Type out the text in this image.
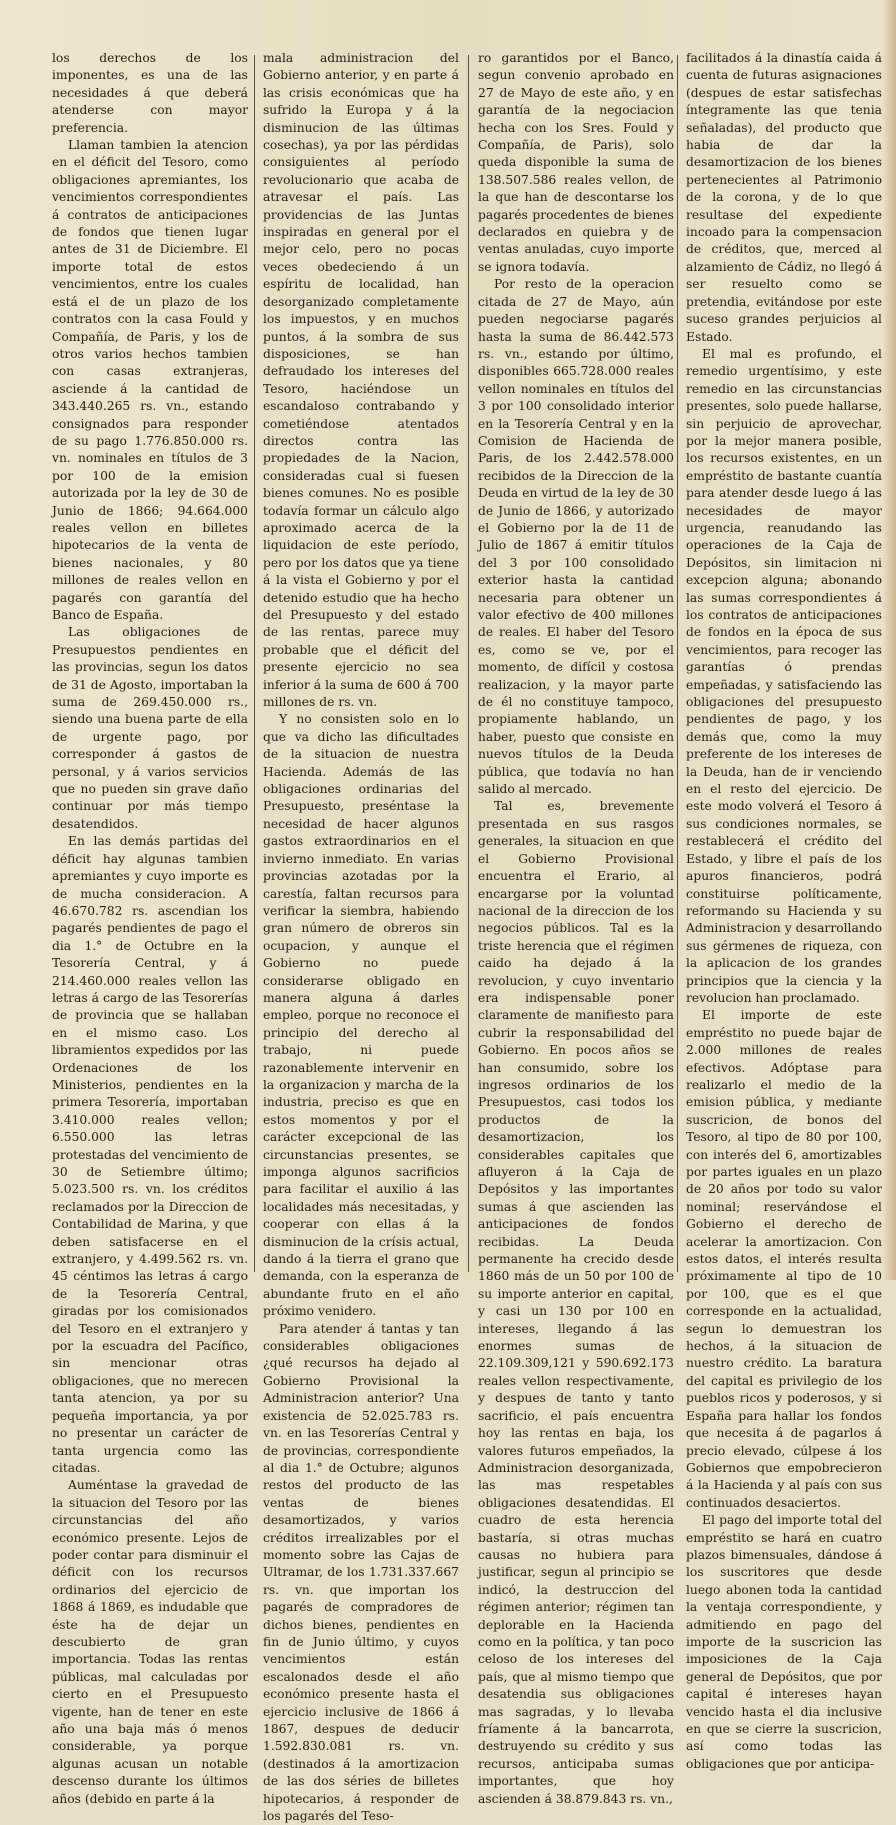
los derechos de los imponentes, es una de las necesidades á que deberá atenderse con mayor preferencia.

Llaman tambien la atencion en el déficit del Tesoro, como obligaciones apremiantes, los vencimientos correspondientes á contratos de anticipaciones de fondos que tienen lugar antes de 31 de Diciembre. El importe total de estos vencimientos, entre los cuales está el de un plazo de los contratos con la casa Fould y Compañía, de Paris, y los de otros varios hechos tambien con casas extranjeras, asciende á la cantidad de 343.440.265 rs. vn., estando consignados para responder de su pago 1.776.850.000 rs. vn. nominales en títulos de 3 por 100 de la emision autorizada por la ley de 30 de Junio de 1866; 94.664.000 reales vellon en billetes hipotecarios de la venta de bienes nacionales, y 80 millones de reales vellon en pagarés con garantía del Banco de España.

Las obligaciones de Presupuestos pendientes en las provincias, segun los datos de 31 de Agosto, importaban la suma de 269.450.000 rs., siendo una buena parte de ella de urgente pago, por corresponder á gastos de personal, y á varios servicios que no pueden sin grave daño continuar por más tiempo desatendidos.

En las demás partidas del déficit hay algunas tambien apremiantes y cuyo importe es de mucha consideracion. A 46.670.782 rs. ascendian los pagarés pendientes de pago el dia 1.° de Octubre en la Tesorería Central, y á 214.460.000 reales vellon las letras á cargo de las Tesorerías de provincia que se hallaban en el mismo caso. Los libramientos expedidos por las Ordenaciones de los Ministerios, pendientes en la primera Tesorería, importaban 3.410.000 reales vellon; 6.550.000 las letras protestadas del vencimiento de 30 de Setiembre último; 5.023.500 rs. vn. los créditos reclamados por la Direccion de Contabilidad de Marina, y que deben satisfacerse en el extranjero, y 4.499.562 rs. vn. 45 céntimos las letras á cargo de la Tesorería Central, giradas por los comisionados del Tesoro en el extranjero y por la escuadra del Pacífico, sin mencionar otras obligaciones, que no merecen tanta atencion, ya por su pequeña importancia, ya por no presentar un carácter de tanta urgencia como las citadas.

Auméntase la gravedad de la situacion del Tesoro por las circunstancias del año económico presente. Lejos de poder contar para disminuir el déficit con los recursos ordinarios del ejercicio de 1868 á 1869, es indudable que éste ha de dejar un descubierto de gran importancia. Todas las rentas públicas, mal calculadas por cierto en el Presupuesto vigente, han de tener en este año una baja más ó menos considerable, ya porque algunas acusan un notable descenso durante los últimos años (debido en parte á la

mala administracion del Gobierno anterior, y en parte á las crisis económicas que ha sufrido la Europa y á la disminucion de las últimas cosechas), ya por las pérdidas consiguientes al período revolucionario que acaba de atravesar el país. Las providencias de las Juntas inspiradas en general por el mejor celo, pero no pocas veces obedeciendo á un espíritu de localidad, han desorganizado completamente los impuestos, y en muchos puntos, á la sombra de sus disposiciones, se han defraudado los intereses del Tesoro, haciéndose un escandaloso contrabando y cometiéndose atentados directos contra las propiedades de la Nacion, consideradas cual si fuesen bienes comunes. No es posible todavía formar un cálculo algo aproximado acerca de la liquidacion de este período, pero por los datos que ya tiene á la vista el Gobierno y por el detenido estudio que ha hecho del Presupuesto y del estado de las rentas, parece muy probable que el déficit del presente ejercicio no sea inferior á la suma de 600 á 700 millones de rs. vn.

Y no consisten solo en lo que va dicho las dificultades de la situacion de nuestra Hacienda. Además de las obligaciones ordinarias del Presupuesto, preséntase la necesidad de hacer algunos gastos extraordinarios en el invierno inmediato. En varias provincias azotadas por la carestía, faltan recursos para verificar la siembra, habiendo gran número de obreros sin ocupacion, y aunque el Gobierno no puede considerarse obligado en manera alguna á darles empleo, porque no reconoce el principio del derecho al trabajo, ni puede razonablemente intervenir en la organizacion y marcha de la industria, preciso es que en estos momentos y por el carácter excepcional de las circunstancias presentes, se imponga algunos sacrificios para facilitar el auxilio á las localidades más necesitadas, y cooperar con ellas á la disminucion de la crísis actual, dando á la tierra el grano que demanda, con la esperanza de abundante fruto en el año próximo venidero.

Para atender á tantas y tan considerables obligaciones ¿qué recursos ha dejado al Gobierno Provisional la Administracion anterior? Una existencia de 52.025.783 rs. vn. en las Tesorerías Central y de provincias, correspondiente al dia 1.° de Octubre; algunos restos del producto de las ventas de bienes desamortizados, y varios créditos irrealizables por el momento sobre las Cajas de Ultramar, de los 1.731.337.667 rs. vn. que importan los pagarés de compradores de dichos bienes, pendientes en fin de Junio último, y cuyos vencimientos están escalonados desde el año económico presente hasta el ejercicio inclusive de 1866 á 1867, despues de deducir 1.592.830.081 rs. vn. (destinados á la amortizacion de las dos séries de billetes hipotecarios, á responder de los pagarés del Teso-

ro garantidos por el Banco, segun convenio aprobado en 27 de Mayo de este año, y en garantía de la negociacion hecha con los Sres. Fould y Compañía, de Paris), solo queda disponible la suma de 138.507.586 reales vellon, de la que han de descontarse los pagarés procedentes de bienes declarados en quiebra y de ventas anuladas, cuyo importe se ignora todavía.

Por resto de la operacion citada de 27 de Mayo, aún pueden negociarse pagarés hasta la suma de 86.442.573 rs. vn., estando por último, disponibles 665.728.000 reales vellon nominales en títulos del 3 por 100 consolidado interior en la Tesorería Central y en la Comision de Hacienda de Paris, de los 2.442.578.000 recibidos de la Direccion de la Deuda en virtud de la ley de 30 de Junio de 1866, y autorizado el Gobierno por la de 11 de Julio de 1867 á emitir títulos del 3 por 100 consolidado exterior hasta la cantidad necesaria para obtener un valor efectivo de 400 millones de reales. El haber del Tesoro es, como se ve, por el momento, de difícil y costosa realizacion, y la mayor parte de él no constituye tampoco, propiamente hablando, un haber, puesto que consiste en nuevos títulos de la Deuda pública, que todavía no han salido al mercado.

Tal es, brevemente presentada en sus rasgos generales, la situacion en que el Gobierno Provisional encuentra el Erario, al encargarse por la voluntad nacional de la direccion de los negocios públicos. Tal es la triste herencia que el régimen caido ha dejado á la revolucion, y cuyo inventario era indispensable poner claramente de manifiesto para cubrir la responsabilidad del Gobierno. En pocos años se han consumido, sobre los ingresos ordinarios de los Presupuestos, casi todos los productos de la desamortizacion, los considerables capitales que afluyeron á la Caja de Depósitos y las importantes sumas á que ascienden las anticipaciones de fondos recibidas. La Deuda permanente ha crecido desde 1860 más de un 50 por 100 de su importe anterior en capital, y casi un 130 por 100 en intereses, llegando á las enormes sumas de 22.109.309,121 y 590.692.173 reales vellon respectivamente, y despues de tanto y tanto sacrificio, el país encuentra hoy las rentas en baja, los valores futuros empeñados, la Administracion desorganizada, las mas respetables obligaciones desatendidas. El cuadro de esta herencia bastaría, si otras muchas causas no hubiera para justificar, segun al principio se indicó, la destruccion del régimen anterior; régimen tan deplorable en la Hacienda como en la política, y tan poco celoso de los intereses del país, que al mismo tiempo que desatendia sus obligaciones mas sagradas, y lo llevaba fríamente á la bancarrota, destruyendo su crédito y sus recursos, anticipaba sumas importantes, que hoy ascienden á 38.879.843 rs. vn.,

facilitados á la dinastía caida á cuenta de futuras asignaciones (despues de estar satisfechas íntegramente las que tenia señaladas), del producto que habia de dar la desamortizacion de los bienes pertenecientes al Patrimonio de la corona, y de lo que resultase del expediente incoado para la compensacion de créditos, que, merced al alzamiento de Cádiz, no llegó á ser resuelto como se pretendia, evitándose por este suceso grandes perjuicios al Estado.

El mal es profundo, el remedio urgentísimo, y este remedio en las circunstancias presentes, solo puede hallarse, sin perjuicio de aprovechar, por la mejor manera posible, los recursos existentes, en un empréstito de bastante cuantía para atender desde luego á las necesidades de mayor urgencia, reanudando las operaciones de la Caja de Depósitos, sin limitacion ni excepcion alguna; abonando las sumas correspondientes á los contratos de anticipaciones de fondos en la época de sus vencimientos, para recoger las garantías ó prendas empeñadas, y satisfaciendo las obligaciones del presupuesto pendientes de pago, y los demás que, como la muy preferente de los intereses de la Deuda, han de ir venciendo en el resto del ejercicio. De este modo volverá el Tesoro á sus condiciones normales, se restablecerá el crédito del Estado, y libre el país de los apuros financieros, podrá constituirse políticamente, reformando su Hacienda y su Administracion y desarrollando sus gérmenes de riqueza, con la aplicacion de los grandes principios que la ciencia y la revolucion han proclamado.

El importe de este empréstito no puede bajar de 2.000 millones de reales efectivos. Adóptase para realizarlo el medio de la emision pública, y mediante suscricion, de bonos del Tesoro, al tipo de 80 por 100, con interés del 6, amortizables por partes iguales en un plazo de 20 años por todo su valor nominal; reservándose el Gobierno el derecho de acelerar la amortizacion. Con estos datos, el interés resulta próximamente al tipo de 10 por 100, que es el que corresponde en la actualidad, segun lo demuestran los hechos, á la situacion de nuestro crédito. La baratura del capital es privilegio de los pueblos ricos y poderosos, y si España para hallar los fondos que necesita á de pagarlos á precio elevado, cúlpese á los Gobiernos que empobrecieron á la Hacienda y al país con sus continuados desaciertos.

El pago del importe total del empréstito se hará en cuatro plazos bimensuales, dándose á los suscritores que desde luego abonen toda la cantidad la ventaja correspondiente, y admitiendo en pago del importe de la suscricion las imposiciones de la Caja general de Depósitos, que por capital é intereses hayan vencido hasta el dia inclusive en que se cierre la suscricion, así como todas las obligaciones que por anticipa-
